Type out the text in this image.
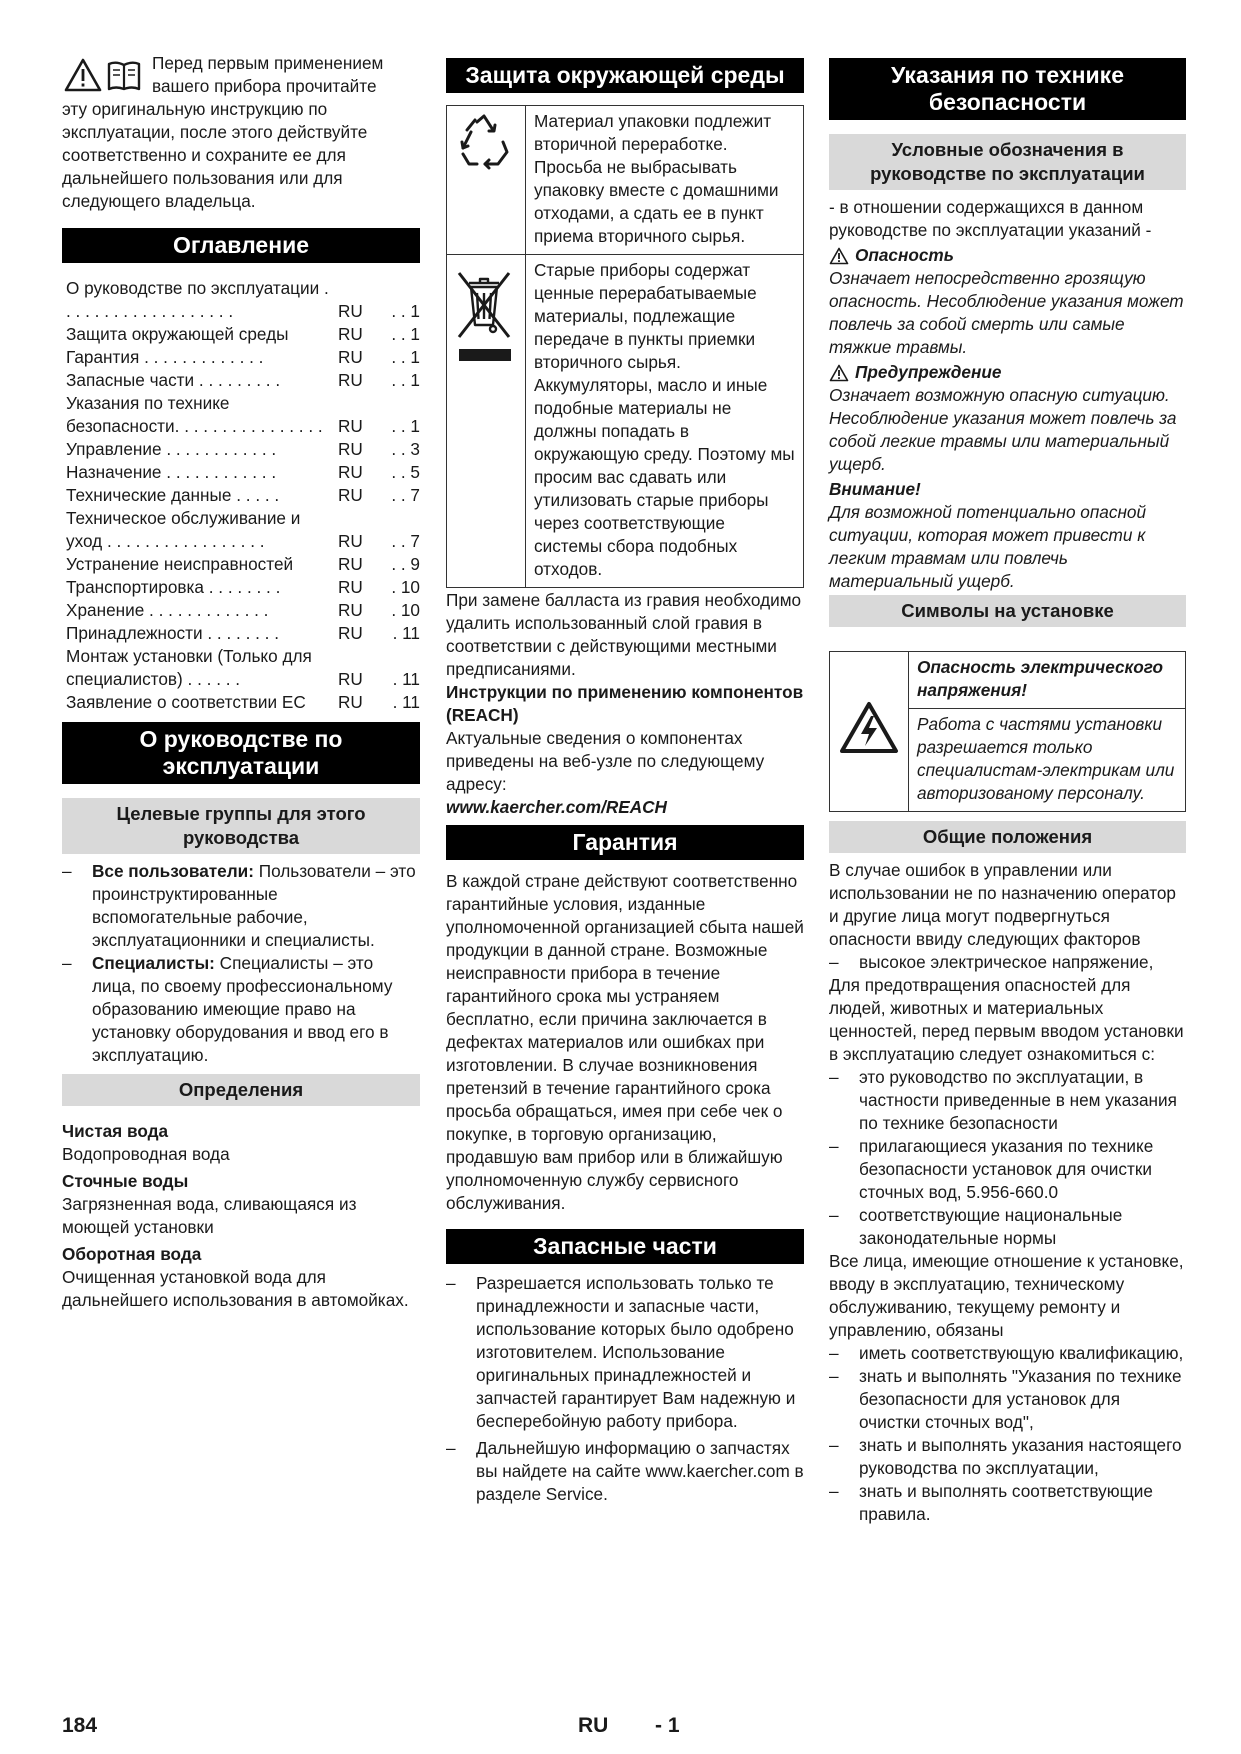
Перед первым применением

вашего прибора прочитайте

эту оригинальную инструкцию по эксплуатации, после этого действуйте соответственно и сохраните ее для дальнейшего пользования или для следующего владельца.

Оглавление
О руководстве по эксплуатации . . . . . . . . . . . . . . . . . . .	RU	. . 1
Защита окружающей среды	RU	. . 1
Гарантия . . . . . . . . . . . . .	RU	. . 1
Запасные части . . . . . . . . .	RU	. . 1
Указания по технике безопасности. . . . . . . . . . . . . . . . RU	. . 1
Управление . . . . . . . . . . . .	RU	. . 3
Назначение . . . . . . . . . . . .	RU	. . 5
Технические данные . . . . .	RU	. . 7
Техническое обслуживание и уход . . . . . . . . . . . . . . . . .	RU	. . 7
Устранение неисправностей	RU	. . 9
Транспортировка . . . . . . . .	RU	. 10
Хранение . . . . . . . . . . . . .	RU	. 10
Принадлежности . . . . . . . .	RU	. 11
Монтаж установки (Только для специалистов) . . . . . .	RU	. 11
Заявление о соответствии ЕС	RU	. 11
О руководстве по эксплуатации
Целевые группы для этого руководства
–	Все пользователи: Пользователи – это проинструктированные вспомогательные рабочие, эксплуатационники и специалисты.
–	Специалисты: Специалисты – это лица, по своему профессиональному образованию имеющие право на установку оборудования и ввод его в эксплуатацию.
Определения

Чистая вода

Водопроводная вода

Сточные воды

Загрязненная вода, сливающаяся из моющей установки

Оборотная вода

Очищенная установкой вода для дальнейшего использования в автомойках.

Защита окружающей среды
	Материал упаковки подлежит вторичной переработке. Просьба не выбрасывать упаковку вместе с домашними отходами, а сдать ее в пункт приема вторичного сырья.
	Старые приборы содержат ценные перерабатываемые материалы, подлежащие передаче в пункты приемки вторичного сырья. Аккумуляторы, масло и иные подобные материалы не должны попадать в окружающую среду. Поэтому мы просим вас сдавать или утилизовать старые приборы через соответствующие системы сбора подобных отходов.

При замене балласта из гравия необходимо удалить использованный слой гравия в соответствии с действующими местными предписаниями.

Инструкции по применению компонентов (REACH)

Актуальные сведения о компонентах приведены на веб-узле по следующему адресу:

www.kaercher.com/REACH

Гарантия

В каждой стране действуют соответственно гарантийные условия, изданные уполномоченной организацией сбыта нашей продукции в данной стране. Возможные неисправности прибора в течение гарантийного срока мы устраняем бесплатно, если причина заключается в дефектах материалов или ошибках при изготовлении. В случае возникновения претензий в течение гарантийного срока просьба обращаться, имея при себе чек о покупке, в торговую организацию, продавшую вам прибор или в ближайшую уполномоченную службу сервисного обслуживания.

Запасные части
–	Разрешается использовать только те принадлежности и запасные части, использование которых было одобрено изготовителем. Использование оригинальных принадлежностей и запчастей гарантирует Вам надежную и бесперебойную работу прибора.
–	Дальнейшую информацию о запчастях вы найдете на сайте www.kaercher.com в разделе Service.
Указания по технике безопасности
Условные обозначения в руководстве по эксплуатации

- в отношении содержащихся в данном руководстве по эксплуатации указаний -

Опасность

Означает непосредственно грозящую опасность. Несоблюдение указания может повлечь за собой смерть или самые тяжкие травмы.

Предупреждение

Означает возможную опасную ситуацию. Несоблюдение указания может повлечь за собой легкие травмы или материальный ущерб.

Внимание!

Для возможной потенциально опасной ситуации, которая может привести к легким травмам или повлечь материальный ущерб.

Символы на установке
	Опасность электрического напряжения!
Работа с частями установки разрешается только специалистам-электрикам или авторизованому персоналу.
Общие положения

В случае ошибок в управлении или использовании не по назначению оператор и другие лица могут подвергнуться опасности ввиду следующих факторов

–	высокое электрическое напряжение,

Для предотвращения опасностей для людей, животных и материальных ценностей, перед первым вводом установки в эксплуатацию следует ознакомиться с:

–	это руководство по эксплуатации, в частности приведенные в нем указания по технике безопасности
–	прилагающиеся указания по технике безопасности установок для очистки сточных вод, 5.956-660.0
–	соответствующие национальные законодательные нормы

Все лица, имеющие отношение к установке, вводу в эксплуатацию, техническому обслуживанию, текущему ремонту и управлению, обязаны

–	иметь соответствующую квалификацию,
–	знать и выполнять "Указания по технике безопасности для установок для очистки сточных вод",
–	знать и выполнять указания настоящего руководства по эксплуатации,
–	знать и выполнять соответствующие правила.
184	RU - 1
